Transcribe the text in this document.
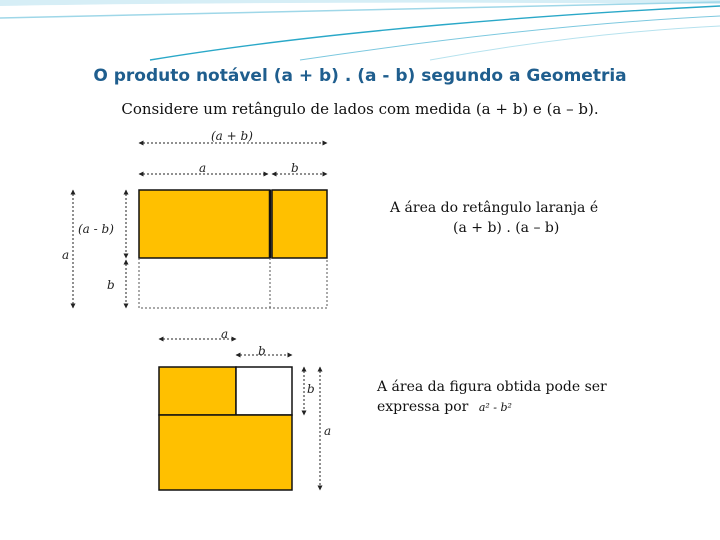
O produto notável (a + b) . (a - b) segundo a Geometria
Considere um retângulo de lados com medida (a + b) e (a – b).
(a + b)
a	b
(a - b)
a
b
A área do retângulo laranja é
(a + b) . (a – b)
a
b
b
a
A área da figura obtida pode ser
expressa por a² - b²
